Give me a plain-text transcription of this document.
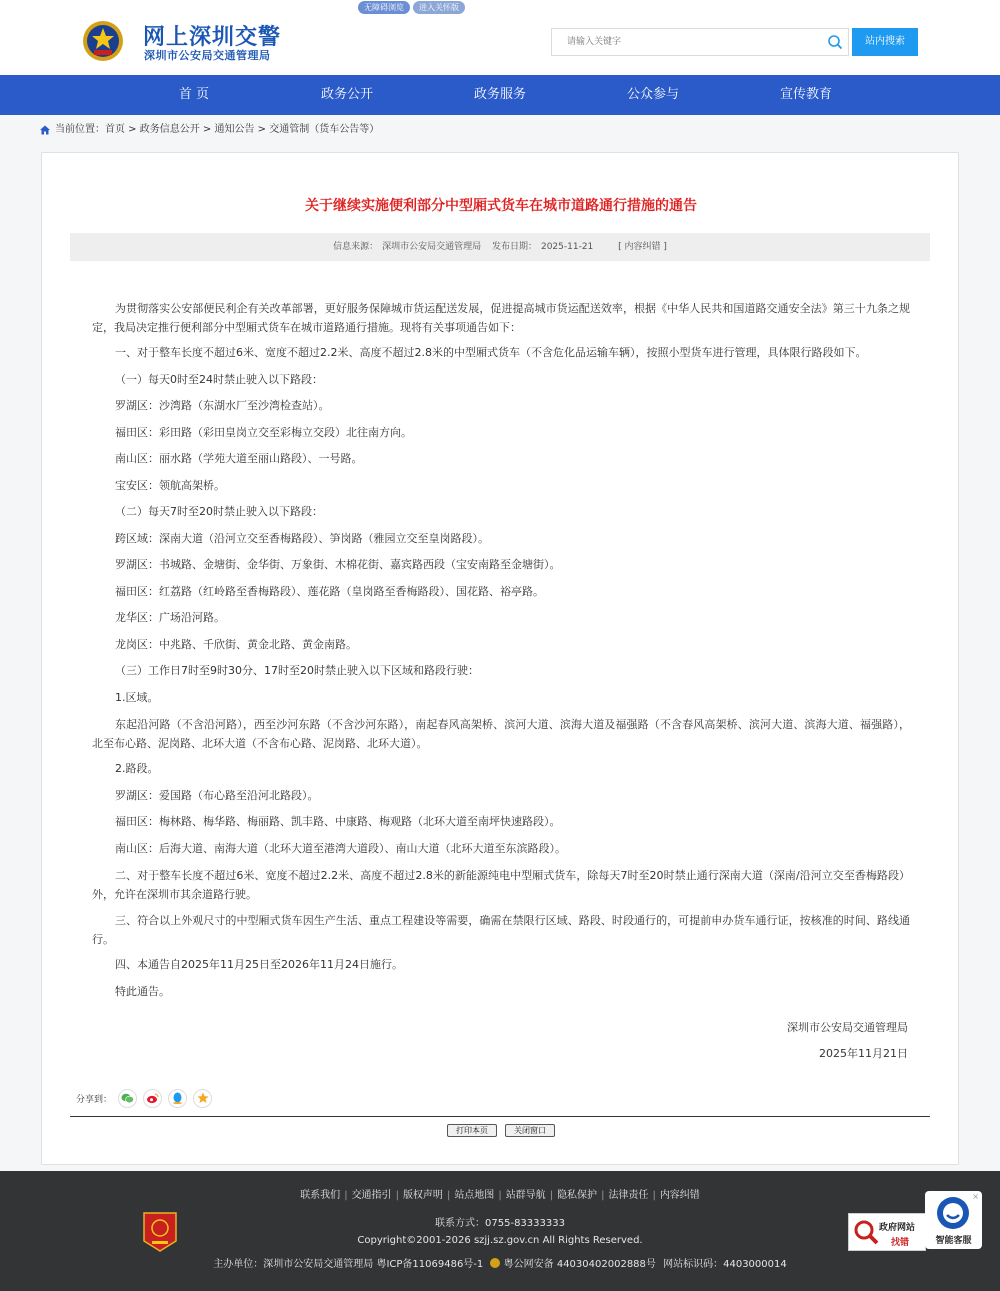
无障碍浏览	进入关怀版
网上深圳交警
深圳市公安局交通管理局
请输入关键字
站内搜索
首 页	政务公开	政务服务	公众参与	宣传教育
当前位置： 首页 > 政务信息公开 > 通知公告 > 交通管制（货车公告等）
关于继续实施便利部分中型厢式货车在城市道路通行措施的通告
信息来源： 深圳市公安局交通管理局 发布日期： 2025-11-21	[ 内容纠错 ]

为贯彻落实公安部便民利企有关改革部署，更好服务保障城市货运配送发展，促进提高城市货运配送效率，根据《中华人民共和国道路交通安全法》第三十九条之规定，我局决定推行便利部分中型厢式货车在城市道路通行措施。现将有关事项通告如下：

一、对于整车长度不超过6米、宽度不超过2.2米、高度不超过2.8米的中型厢式货车（不含危化品运输车辆），按照小型货车进行管理，具体限行路段如下。

（一）每天0时至24时禁止驶入以下路段：

罗湖区：沙湾路（东湖水厂至沙湾检查站）。

福田区：彩田路（彩田皇岗立交至彩梅立交段）北往南方向。

南山区：丽水路（学苑大道至丽山路段）、一号路。

宝安区：领航高架桥。

（二）每天7时至20时禁止驶入以下路段：

跨区域：深南大道（沿河立交至香梅路段）、笋岗路（雅园立交至皇岗路段）。

罗湖区：书城路、金塘街、金华街、万象街、木棉花街、嘉宾路西段（宝安南路至金塘街）。

福田区：红荔路（红岭路至香梅路段）、莲花路（皇岗路至香梅路段）、国花路、裕亭路。

龙华区：广场沿河路。

龙岗区：中兆路、千欣街、黄金北路、黄金南路。

（三）工作日7时至9时30分、17时至20时禁止驶入以下区域和路段行驶：

1.区域。

东起沿河路（不含沿河路），西至沙河东路（不含沙河东路），南起春风高架桥、滨河大道、滨海大道及福强路（不含春风高架桥、滨河大道、滨海大道、福强路），北至布心路、泥岗路、北环大道（不含布心路、泥岗路、北环大道）。

2.路段。

罗湖区：爱国路（布心路至沿河北路段）。

福田区：梅林路、梅华路、梅丽路、凯丰路、中康路、梅观路（北环大道至南坪快速路段）。

南山区：后海大道、南海大道（北环大道至港湾大道段）、南山大道（北环大道至东滨路段）。

二、对于整车长度不超过6米、宽度不超过2.2米、高度不超过2.8米的新能源纯电中型厢式货车，除每天7时至20时禁止通行深南大道（深南/沿河立交至香梅路段）外，允许在深圳市其余道路行驶。

三、符合以上外观尺寸的中型厢式货车因生产生活、重点工程建设等需要，确需在禁限行区域、路段、时段通行的，可提前申办货车通行证，按核准的时间、路线通行。

四、本通告自2025年11月25日至2026年11月24日施行。

特此通告。

深圳市公安局交通管理局
2025年11月21日
分享到：
打印本页	关闭窗口
联系我们 | 交通指引 | 版权声明 | 站点地图 | 站群导航 | 隐私保护 | 法律责任 | 内容纠错
联系方式：0755-83333333
Copyright©2001-2026 szjj.sz.gov.cn All Rights Reserved.
主办单位：深圳市公安局交通管理局 粤ICP备11069486号-1 粤公网安备 44030402002888号 网站标识码：4403000014
政府网站
找错
×
智能客服
